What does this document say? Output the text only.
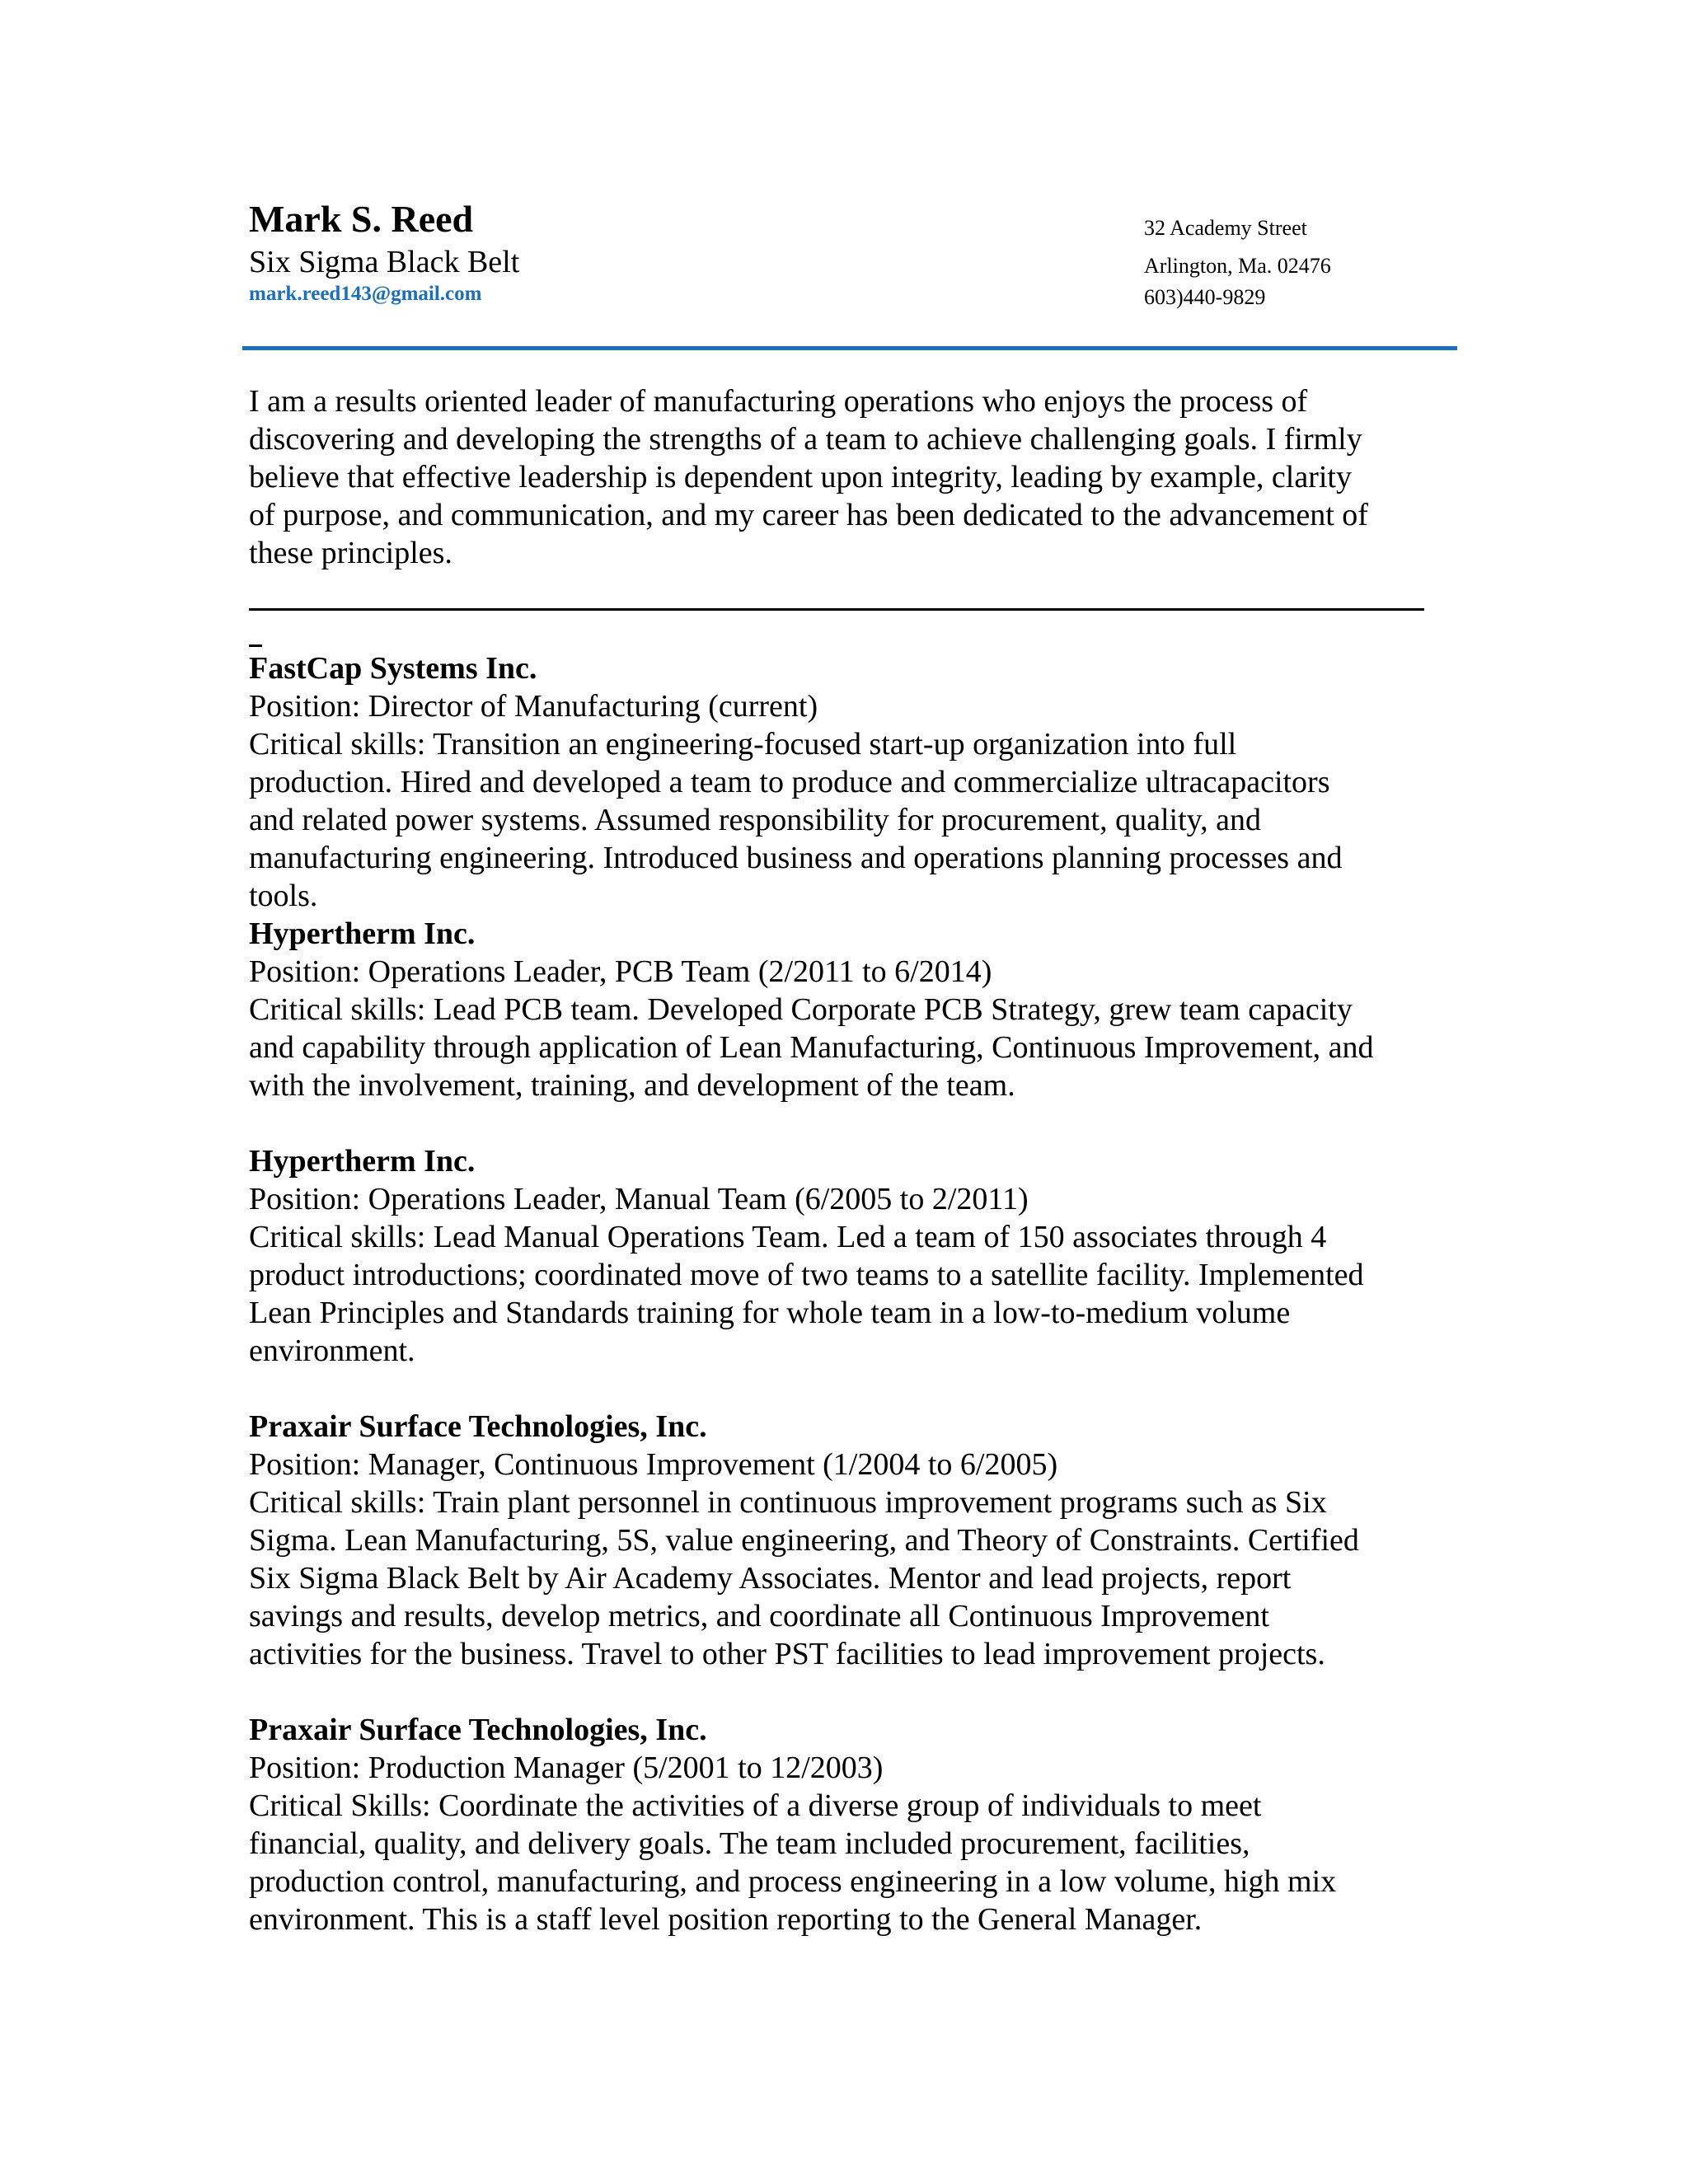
Mark S. Reed
Six Sigma Black Belt
mark.reed143@gmail.com
32 Academy Street
Arlington, Ma. 02476
603)440-9829
I am a results oriented leader of manufacturing operations who enjoys the process of
discovering and developing the strengths of a team to achieve challenging goals. I firmly
believe that effective leadership is dependent upon integrity, leading by example, clarity
of purpose, and communication, and my career has been dedicated to the advancement of
these principles.
FastCap Systems Inc.
Position: Director of Manufacturing (current)
Critical skills: Transition an engineering-focused start-up organization into full
production. Hired and developed a team to produce and commercialize ultracapacitors
and related power systems. Assumed responsibility for procurement, quality, and
manufacturing engineering. Introduced business and operations planning processes and
tools.
Hypertherm Inc.
Position: Operations Leader, PCB Team (2/2011 to 6/2014)
Critical skills: Lead PCB team. Developed Corporate PCB Strategy, grew team capacity
and capability through application of Lean Manufacturing, Continuous Improvement, and
with the involvement, training, and development of the team.
Hypertherm Inc.
Position: Operations Leader, Manual Team (6/2005 to 2/2011)
Critical skills: Lead Manual Operations Team. Led a team of 150 associates through 4
product introductions; coordinated move of two teams to a satellite facility. Implemented
Lean Principles and Standards training for whole team in a low-to-medium volume
environment.
Praxair Surface Technologies, Inc.
Position: Manager, Continuous Improvement (1/2004 to 6/2005)
Critical skills: Train plant personnel in continuous improvement programs such as Six
Sigma. Lean Manufacturing, 5S, value engineering, and Theory of Constraints. Certified
Six Sigma Black Belt by Air Academy Associates. Mentor and lead projects, report
savings and results, develop metrics, and coordinate all Continuous Improvement
activities for the business. Travel to other PST facilities to lead improvement projects.
Praxair Surface Technologies, Inc.
Position: Production Manager (5/2001 to 12/2003)
Critical Skills: Coordinate the activities of a diverse group of individuals to meet
financial, quality, and delivery goals. The team included procurement, facilities,
production control, manufacturing, and process engineering in a low volume, high mix
environment. This is a staff level position reporting to the General Manager.
